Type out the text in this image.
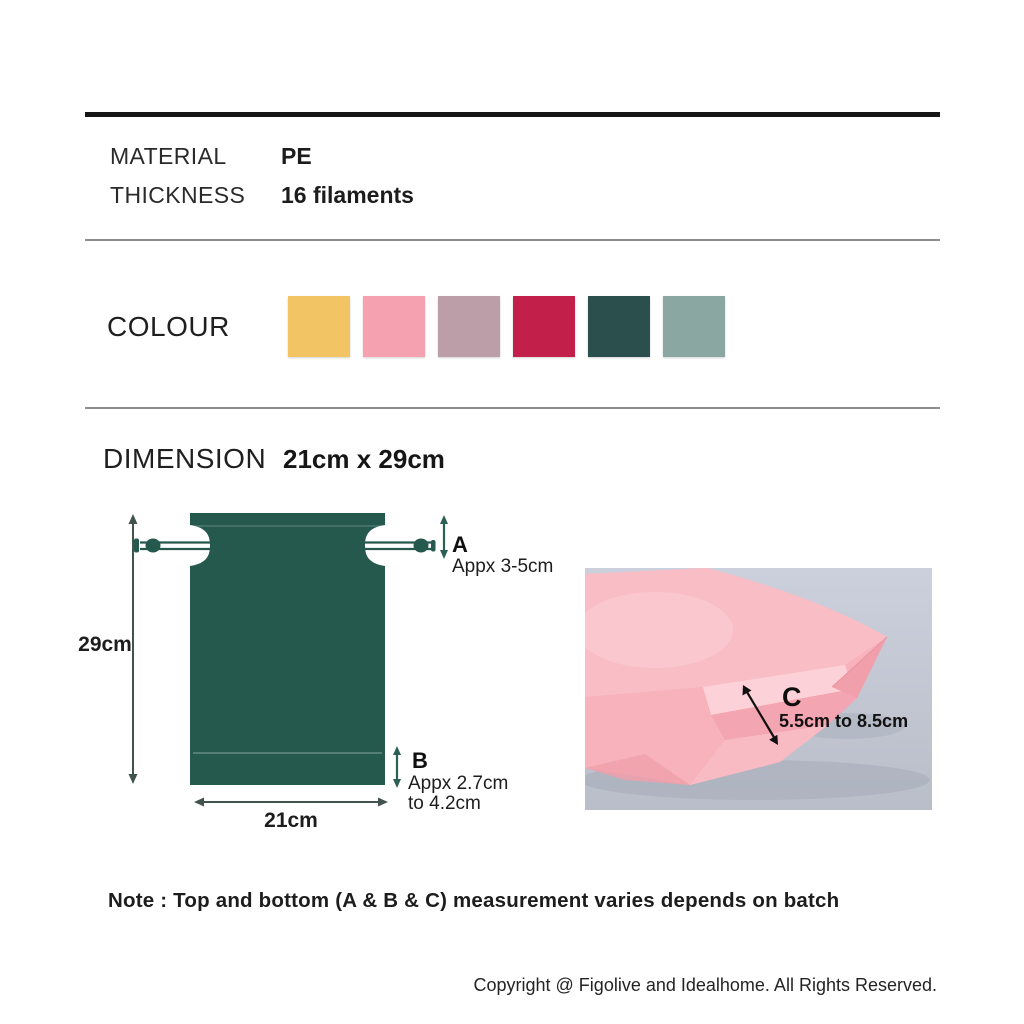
MATERIAL PE
THICKNESS 16 filaments
COLOUR
DIMENSION 21cm x 29cm
29cm
21cm
A
Appx 3-5cm
B
Appx 2.7cm
to 4.2cm
C
5.5cm to 8.5cm
Note : Top and bottom (A & B & C) measurement varies depends on batch
Copyright @ Figolive and Idealhome. All Rights Reserved.
